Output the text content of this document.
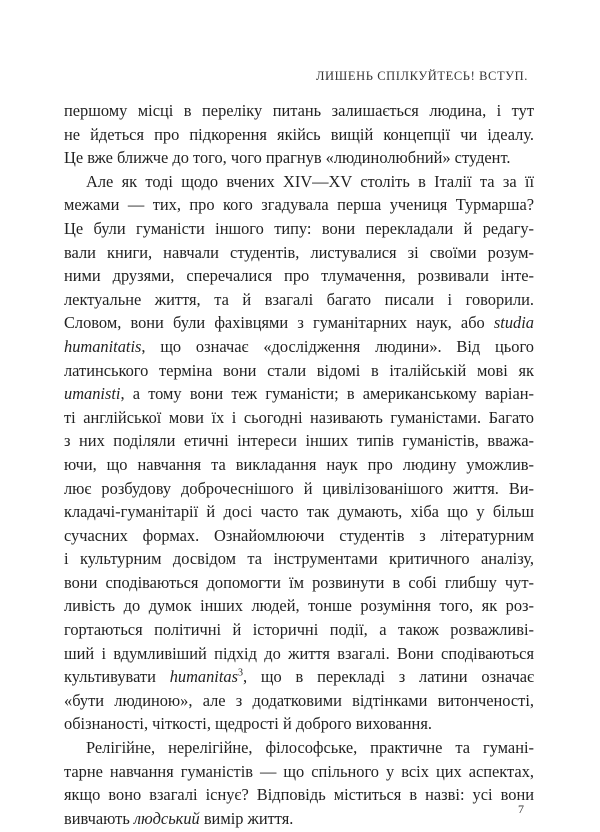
ЛИШЕНЬ СПІЛКУЙТЕСЬ! ВСТУП.
першому місці в переліку питань залишається людина, і тут
не йдеться про підкорення якійсь вищій концепції чи ідеалу.
Це вже ближче до того, чого прагнув «людинолюбний» студент.
Але як тоді щодо вчених XIV—XV століть в Італії та за її
межами — тих, про кого згадувала перша учениця Турмарша?
Це були гуманісти іншого типу: вони перекладали й редагу-
вали книги, навчали студентів, листувалися зі своїми розум-
ними друзями, сперечалися про тлумачення, розвивали інте-
лектуальне життя, та й взагалі багато писали і говорили.
Словом, вони були фахівцями з гуманітарних наук, або studia
humanitatis, що означає «дослідження людини». Від цього
латинського терміна вони стали відомі в італійській мові як
umanisti, а тому вони теж гуманісти; в американському варіан-
ті англійської мови їх і сьогодні називають гуманістами. Багато
з них поділяли етичні інтереси інших типів гуманістів, вважа-
ючи, що навчання та викладання наук про людину уможлив-
лює розбудову доброчеснішого й цивілізованішого життя. Ви-
кладачі-гуманітарії й досі часто так думають, хіба що у більш
сучасних формах. Ознайомлюючи студентів з літературним
і культурним досвідом та інструментами критичного аналізу,
вони сподіваються допомогти їм розвинути в собі глибшу чут-
ливість до думок інших людей, тонше розуміння того, як роз-
гортаються політичні й історичні події, а також розважливі-
ший і вдумливіший підхід до життя взагалі. Вони сподіваються
культивувати humanitas$^3$, що в перекладі з латини означає
«бути людиною», але з додатковими відтінками витонченості,
обізнаності, чіткості, щедрості й доброго виховання.
Релігійне, нерелігійне, філософське, практичне та гуманi-
тарне навчання гуманістів — що спільного у всіх цих аспектах,
якщо воно взагалі існує? Відповідь міститься в назві: усі вони
вивчають людський вимір життя.	7
